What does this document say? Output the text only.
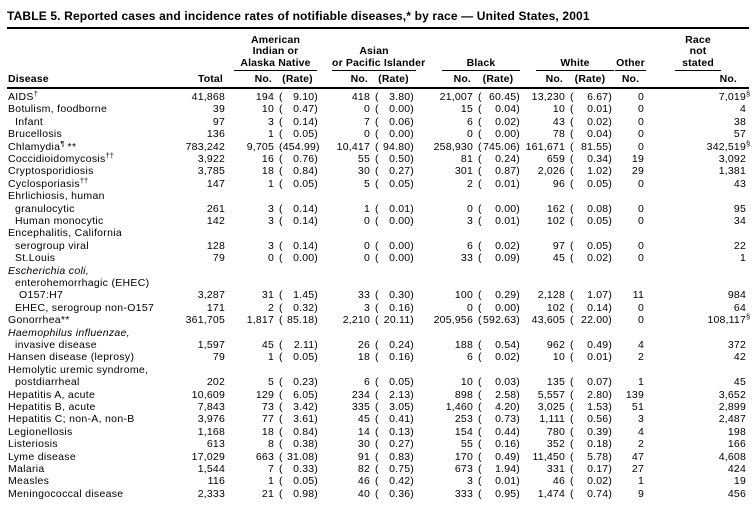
TABLE 5. Reported cases and incidence rates of notifiable diseases,* by race — United States, 2001

		American
Indian or
Alaska Native		Asian
or Pacific Islander		Black		White		Other	Race
not
stated

Disease	Total	No.	(Rate)	No.	(Rate)	No.	(Rate)	No.	(Rate)	No.	No.
AIDS†	41,868	194	( 9.10)	418	( 3.80)	21,007	( 60.45)	13,230	( 6.67)	0	7,019§
Botulism, foodborne	39	10	( 0.47)	0	( 0.00)	15	( 0.04)	10	( 0.01)	0	4
Infant	97	3	( 0.14)	7	( 0.06)	6	( 0.02)	43	( 0.02)	0	38
Brucellosis	136	1	( 0.05)	0	( 0.00)	0	( 0.00)	78	( 0.04)	0	57
Chlamydia¶ **	783,242	9,705	( 454.99)	10,417	( 94.80)	258,930	( 745.06)	161,671	( 81.55)	0	342,519§
Coccidioidomycosis††	3,922	16	( 0.76)	55	( 0.50)	81	( 0.24)	659	( 0.34)	19	3,092
Cryptosporidiosis	3,785	18	( 0.84)	30	( 0.27)	301	( 0.87)	2,026	( 1.02)	29	1,381
Cyclosporiasis††	147	1	( 0.05)	5	( 0.05)	2	( 0.01)	96	( 0.05)	0	43
Ehrlichiosis, human											
granulocytic	261	3	( 0.14)	1	( 0.01)	0	( 0.00)	162	( 0.08)	0	95
Human monocytic	142	3	( 0.14)	0	( 0.00)	3	( 0.01)	102	( 0.05)	0	34
Encephalitis, California											
serogroup viral	128	3	( 0.14)	0	( 0.00)	6	( 0.02)	97	( 0.05)	0	22
St.Louis	79	0	( 0.00)	0	( 0.00)	33	( 0.09)	45	( 0.02)	0	1
Escherichia coli,											
enterohemorrhagic (EHEC)											
O157:H7	3,287	31	( 1.45)	33	( 0.30)	100	( 0.29)	2,128	( 1.07)	11	984
EHEC, serogroup non-O157	171	2	( 0.32)	3	( 0.16)	0	( 0.00)	102	( 0.14)	0	64
Gonorrhea**	361,705	1,817	( 85.18)	2,210	( 20.11)	205,956	( 592.63)	43,605	( 22.00)	0	108,117§
Haemophilus influenzae,											
invasive disease	1,597	45	( 2.11)	26	( 0.24)	188	( 0.54)	962	( 0.49)	4	372
Hansen disease (leprosy)	79	1	( 0.05)	18	( 0.16)	6	( 0.02)	10	( 0.01)	2	42
Hemolytic uremic syndrome,											
postdiarrheal	202	5	( 0.23)	6	( 0.05)	10	( 0.03)	135	( 0.07)	1	45
Hepatitis A, acute	10,609	129	( 6.05)	234	( 2.13)	898	( 2.58)	5,557	( 2.80)	139	3,652
Hepatitis B, acute	7,843	73	( 3.42)	335	( 3.05)	1,460	( 4.20)	3,025	( 1.53)	51	2,899
Hepatitis C; non-A, non-B	3,976	77	( 3.61)	45	( 0.41)	253	( 0.73)	1,111	( 0.56)	3	2,487
Legionellosis	1,168	18	( 0.84)	14	( 0.13)	154	( 0.44)	780	( 0.39)	4	198
Listeriosis	613	8	( 0.38)	30	( 0.27)	55	( 0.16)	352	( 0.18)	2	166
Lyme disease	17,029	663	( 31.08)	91	( 0.83)	170	( 0.49)	11,450	( 5.78)	47	4,608
Malaria	1,544	7	( 0.33)	82	( 0.75)	673	( 1.94)	331	( 0.17)	27	424
Measles	116	1	( 0.05)	46	( 0.42)	3	( 0.01)	46	( 0.02)	1	19
Meningococcal disease	2,333	21	( 0.98)	40	( 0.36)	333	( 0.95)	1,474	( 0.74)	9	456
